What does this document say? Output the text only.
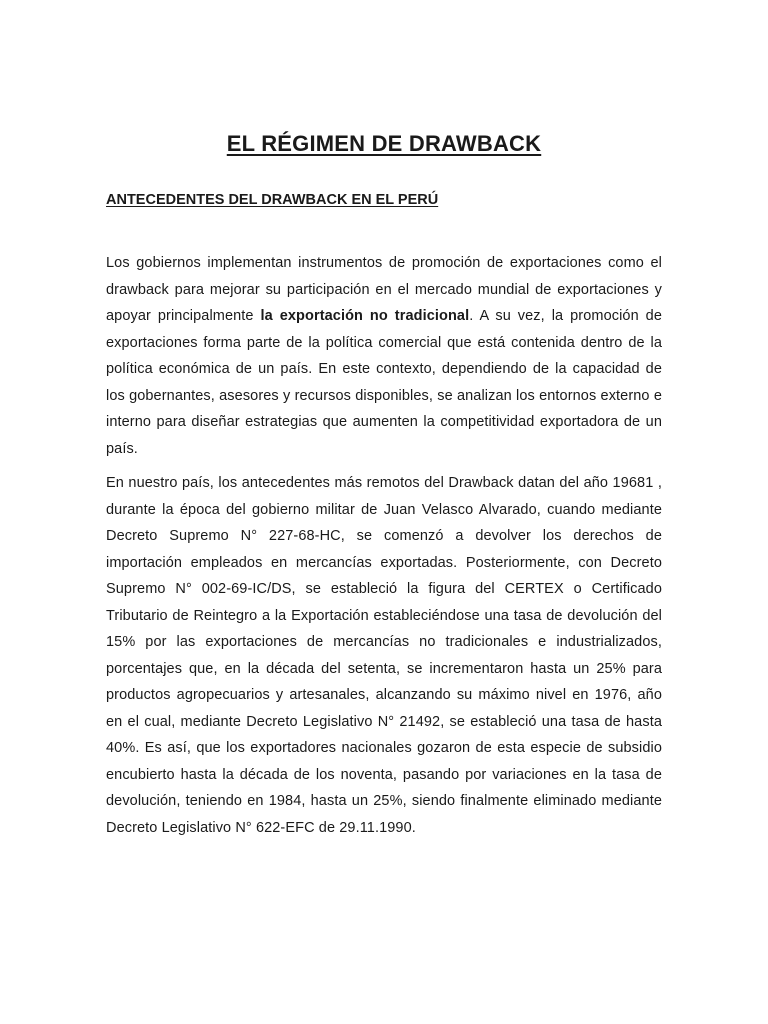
EL RÉGIMEN DE DRAWBACK
ANTECEDENTES DEL DRAWBACK EN EL PERÚ

Los gobiernos implementan instrumentos de promoción de exportaciones como el drawback para mejorar su participación en el mercado mundial de exportaciones y apoyar principalmente la exportación no tradicional. A su vez, la promoción de exportaciones forma parte de la política comercial que está contenida dentro de la política económica de un país. En este contexto, dependiendo de la capacidad de los gobernantes, asesores y recursos disponibles, se analizan los entornos externo e interno para diseñar estrategias que aumenten la competitividad exportadora de un país.

En nuestro país, los antecedentes más remotos del Drawback datan del año 19681 , durante la época del gobierno militar de Juan Velasco Alvarado, cuando mediante Decreto Supremo N° 227-68-HC, se comenzó a devolver los derechos de importación empleados en mercancías exportadas. Posteriormente, con Decreto Supremo N° 002-69-IC/DS, se estableció la figura del CERTEX o Certificado Tributario de Reintegro a la Exportación estableciéndose una tasa de devolución del 15% por las exportaciones de mercancías no tradicionales e industrializados, porcentajes que, en la década del setenta, se incrementaron hasta un 25% para productos agropecuarios y artesanales, alcanzando su máximo nivel en 1976, año en el cual, mediante Decreto Legislativo N° 21492, se estableció una tasa de hasta 40%. Es así, que los exportadores nacionales gozaron de esta especie de subsidio encubierto hasta la década de los noventa, pasando por variaciones en la tasa de devolución, teniendo en 1984, hasta un 25%, siendo finalmente eliminado mediante Decreto Legislativo N° 622-EFC de 29.11.1990.
